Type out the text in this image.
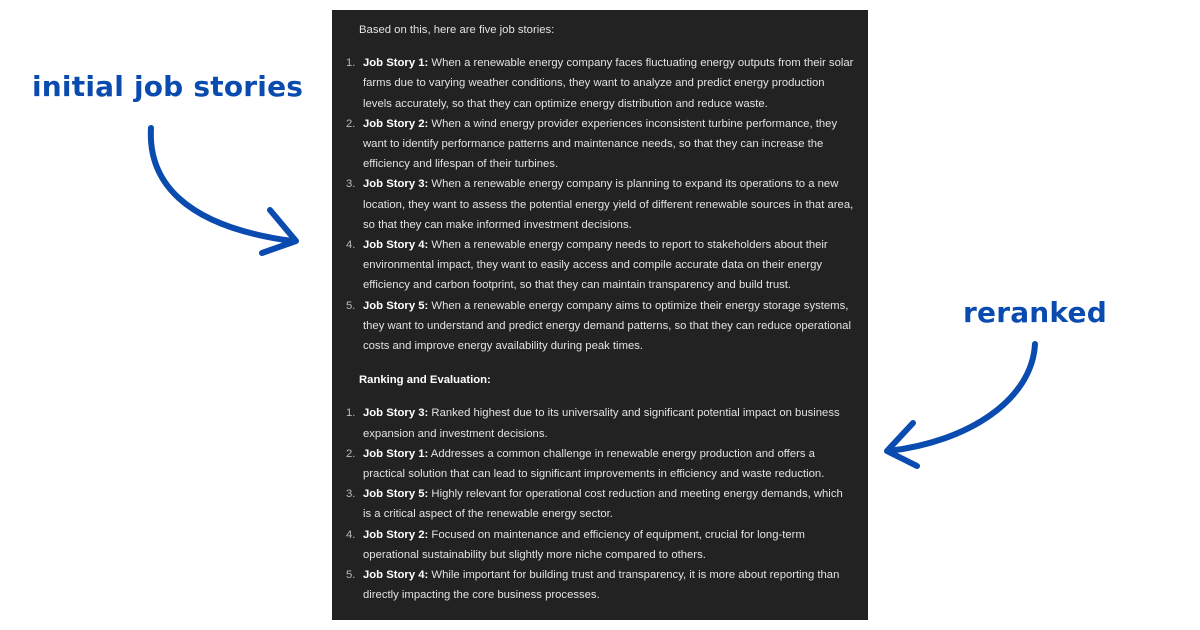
initial job stories
reranked
Based on this, here are five job stories:
1. Job Story 1: When a renewable energy company faces fluctuating energy outputs from their solar farms due to varying weather conditions, they want to analyze and predict energy production levels accurately, so that they can optimize energy distribution and reduce waste.
2. Job Story 2: When a wind energy provider experiences inconsistent turbine performance, they want to identify performance patterns and maintenance needs, so that they can increase the efficiency and lifespan of their turbines.
3. Job Story 3: When a renewable energy company is planning to expand its operations to a new location, they want to assess the potential energy yield of different renewable sources in that area, so that they can make informed investment decisions.
4. Job Story 4: When a renewable energy company needs to report to stakeholders about their environmental impact, they want to easily access and compile accurate data on their energy efficiency and carbon footprint, so that they can maintain transparency and build trust.
5. Job Story 5: When a renewable energy company aims to optimize their energy storage systems, they want to understand and predict energy demand patterns, so that they can reduce operational costs and improve energy availability during peak times.
Ranking and Evaluation:
1. Job Story 3: Ranked highest due to its universality and significant potential impact on business expansion and investment decisions.
2. Job Story 1: Addresses a common challenge in renewable energy production and offers a practical solution that can lead to significant improvements in efficiency and waste reduction.
3. Job Story 5: Highly relevant for operational cost reduction and meeting energy demands, which is a critical aspect of the renewable energy sector.
4. Job Story 2: Focused on maintenance and efficiency of equipment, crucial for long-term operational sustainability but slightly more niche compared to others.
5. Job Story 4: While important for building trust and transparency, it is more about reporting than directly impacting the core business processes.
